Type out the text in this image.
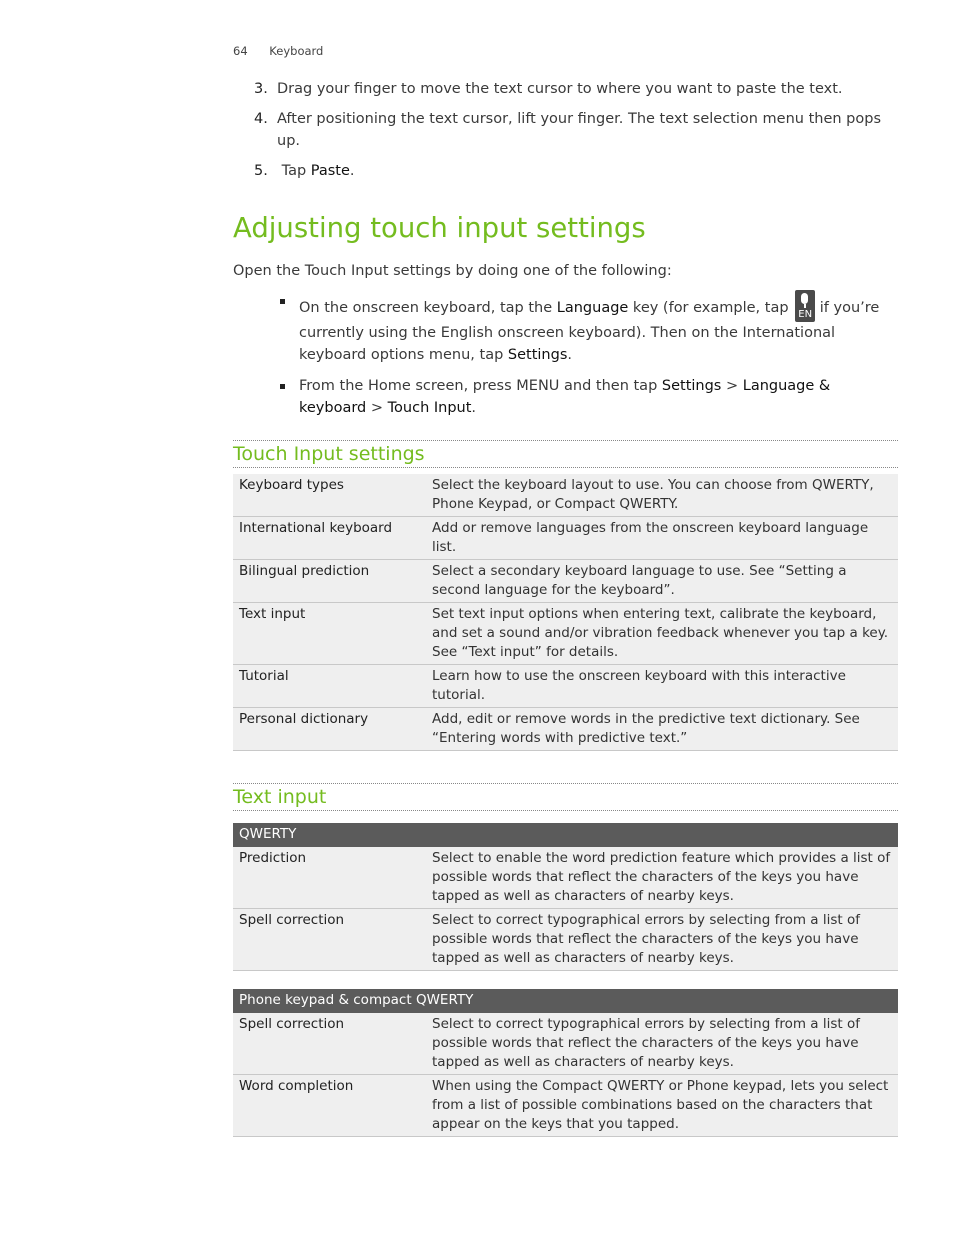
64 Keyboard
3. Drag your finger to move the text cursor to where you want to paste the text.
4. After positioning the text cursor, lift your finger. The text selection menu then pops up.
5. Tap Paste.
Adjusting touch input settings

Open the Touch Input settings by doing one of the following:

On the onscreen keyboard, tap the Language key (for example, tap EN if you’re currently using the English onscreen keyboard). Then on the International keyboard options menu, tap Settings.
From the Home screen, press MENU and then tap Settings > Language & keyboard > Touch Input.
Touch Input settings
Keyboard types	Select the keyboard layout to use. You can choose from QWERTY, Phone Keypad, or Compact QWERTY.
International keyboard	Add or remove languages from the onscreen keyboard language list.
Bilingual prediction	Select a secondary keyboard language to use. See “Setting a second language for the keyboard”.
Text input	Set text input options when entering text, calibrate the keyboard, and set a sound and/or vibration feedback whenever you tap a key. See “Text input” for details.
Tutorial	Learn how to use the onscreen keyboard with this interactive tutorial.
Personal dictionary	Add, edit or remove words in the predictive text dictionary. See “Entering words with predictive text.”
Text input
QWERTY	
Prediction	Select to enable the word prediction feature which provides a list of possible words that reflect the characters of the keys you have tapped as well as characters of nearby keys.
Spell correction	Select to correct typographical errors by selecting from a list of possible words that reflect the characters of the keys you have tapped as well as characters of nearby keys.
Phone keypad & compact QWERTY	
Spell correction	Select to correct typographical errors by selecting from a list of possible words that reflect the characters of the keys you have tapped as well as characters of nearby keys.
Word completion	When using the Compact QWERTY or Phone keypad, lets you select from a list of possible combinations based on the characters that appear on the keys that you tapped.
